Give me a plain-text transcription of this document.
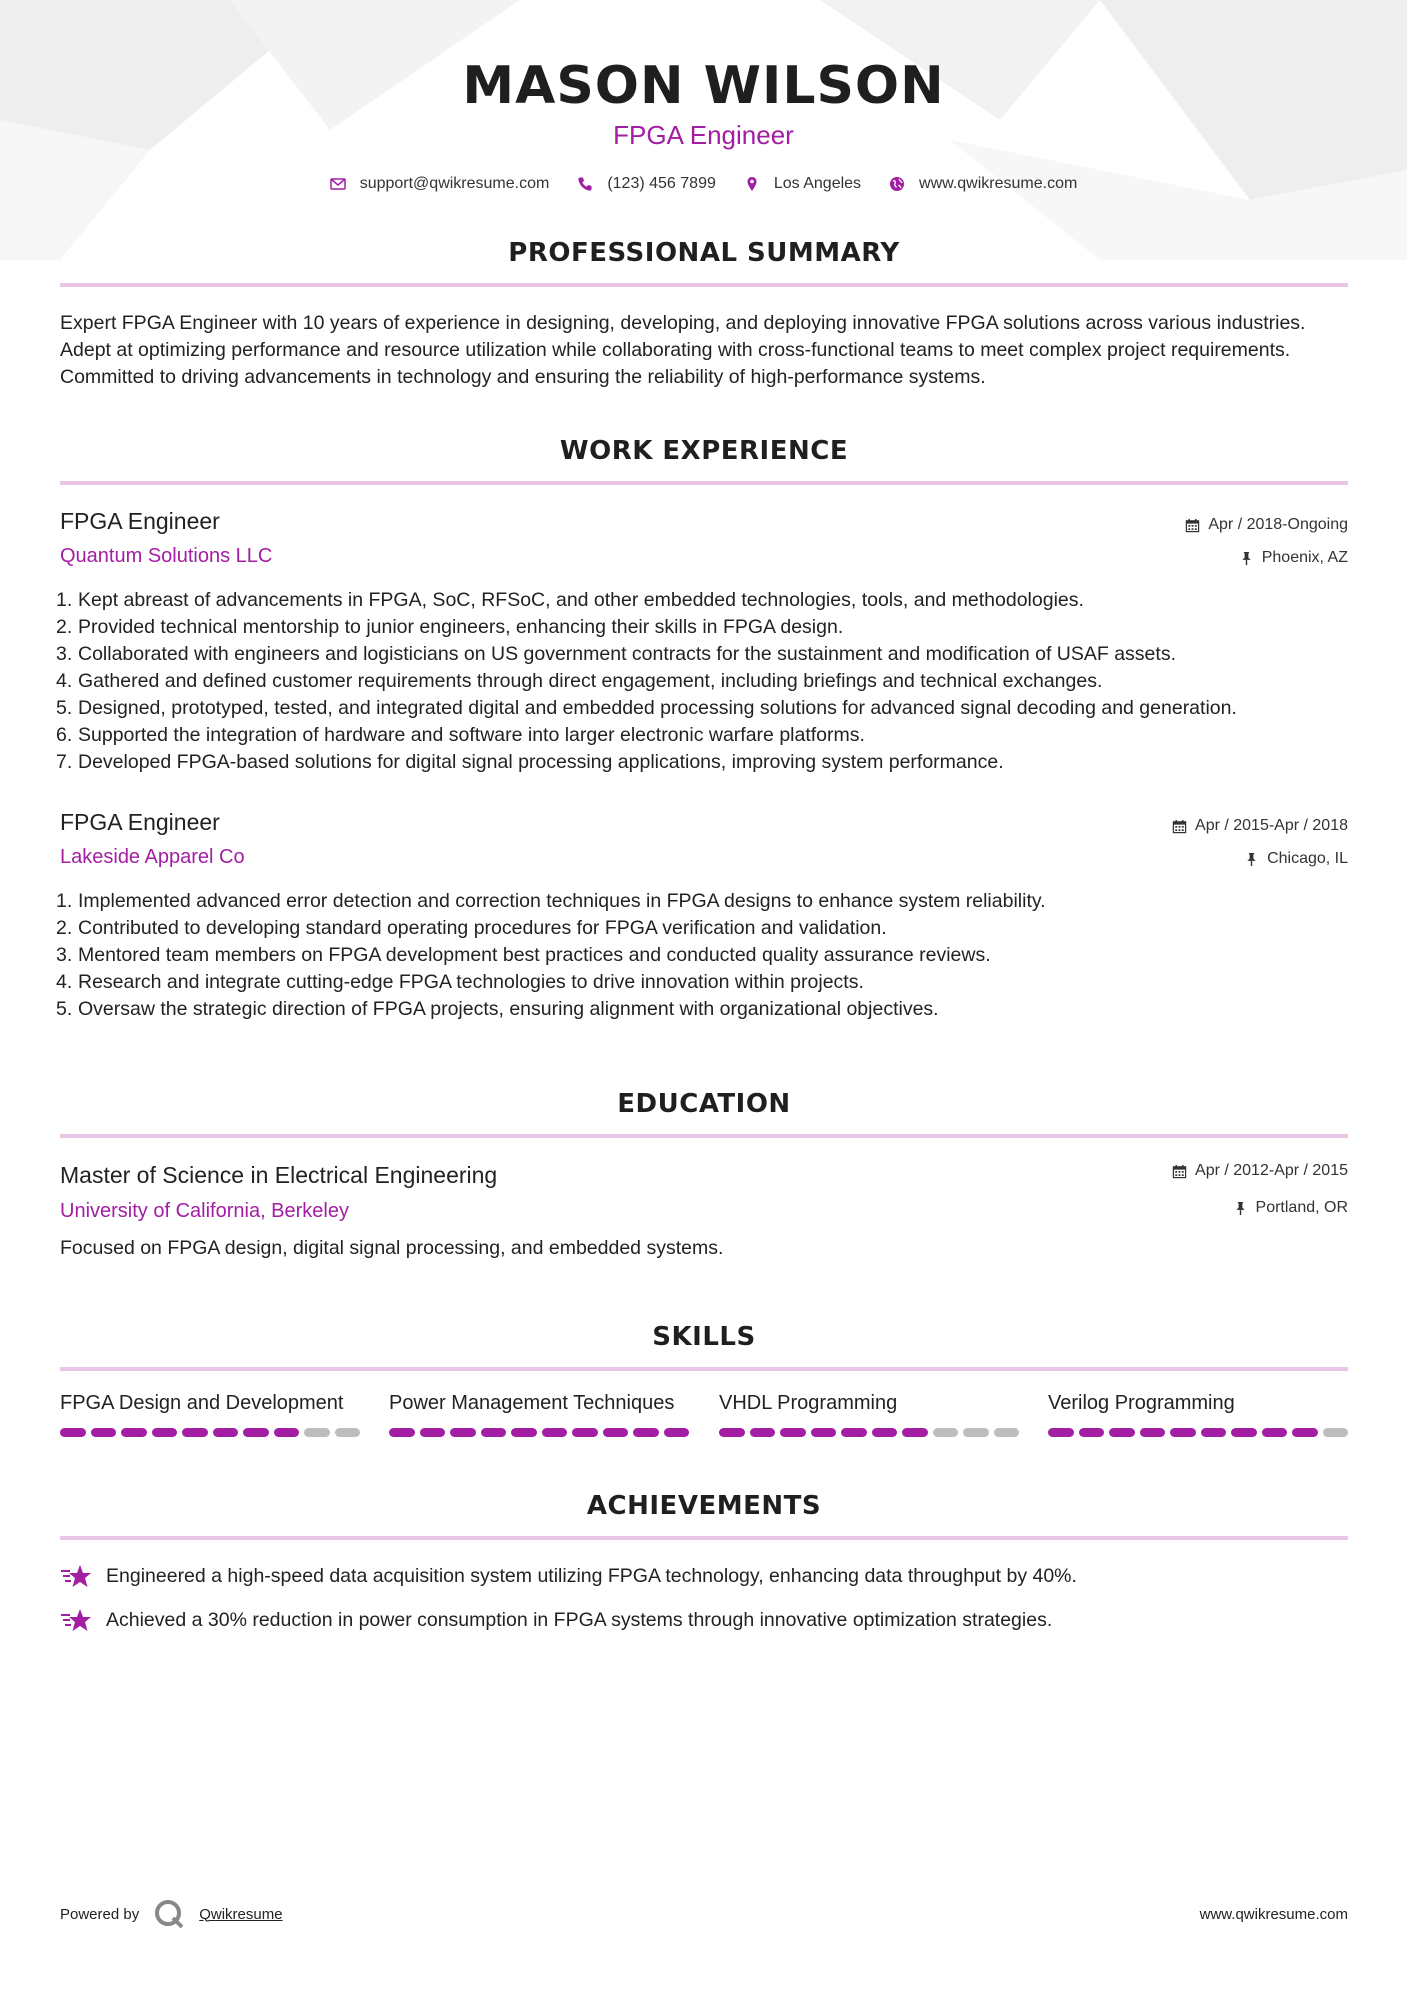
MASON WILSON
FPGA Engineer
support@qwikresume.com	(123) 456 7899	Los Angeles	www.qwikresume.com
PROFESSIONAL SUMMARY

Expert FPGA Engineer with 10 years of experience in designing, developing, and deploying innovative FPGA solutions across various industries. Adept at optimizing performance and resource utilization while collaborating with cross-functional teams to meet complex project requirements. Committed to driving advancements in technology and ensuring the reliability of high-performance systems.

WORK EXPERIENCE
FPGA Engineer
Quantum Solutions LLC
Apr / 2018-Ongoing
Phoenix, AZ
1. Kept abreast of advancements in FPGA, SoC, RFSoC, and other embedded technologies, tools, and methodologies.
2. Provided technical mentorship to junior engineers, enhancing their skills in FPGA design.
3. Collaborated with engineers and logisticians on US government contracts for the sustainment and modification of USAF assets.
4. Gathered and defined customer requirements through direct engagement, including briefings and technical exchanges.
5. Designed, prototyped, tested, and integrated digital and embedded processing solutions for advanced signal decoding and generation.
6. Supported the integration of hardware and software into larger electronic warfare platforms.
7. Developed FPGA-based solutions for digital signal processing applications, improving system performance.
FPGA Engineer
Lakeside Apparel Co
Apr / 2015-Apr / 2018
Chicago, IL
1. Implemented advanced error detection and correction techniques in FPGA designs to enhance system reliability.
2. Contributed to developing standard operating procedures for FPGA verification and validation.
3. Mentored team members on FPGA development best practices and conducted quality assurance reviews.
4. Research and integrate cutting-edge FPGA technologies to drive innovation within projects.
5. Oversaw the strategic direction of FPGA projects, ensuring alignment with organizational objectives.
EDUCATION
Master of Science in Electrical Engineering
University of California, Berkeley
Apr / 2012-Apr / 2015
Portland, OR

Focused on FPGA design, digital signal processing, and embedded systems.

SKILLS
FPGA Design and Development	Power Management Techniques	VHDL Programming	Verilog Programming
ACHIEVEMENTS
Engineered a high-speed data acquisition system utilizing FPGA technology, enhancing data throughput by 40%.
Achieved a 30% reduction in power consumption in FPGA systems through innovative optimization strategies.
Powered by	Qwikresume	www.qwikresume.com
